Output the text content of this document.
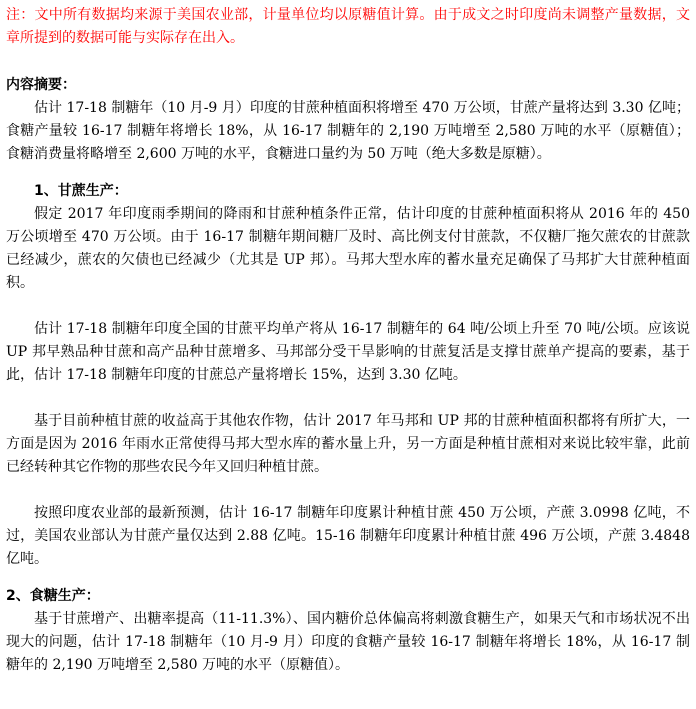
注：文中所有数据均来源于美国农业部，计量单位均以原糖值计算。由于成文之时印度尚未调整产量数据，文章所提到的数据可能与实际存在出入。

内容摘要：

估计 17-18 制糖年（10 月-9 月）印度的甘蔗种植面积将增至 470 万公顷，甘蔗产量将达到 3.30 亿吨；食糖产量较 16-17 制糖年将增长 18%，从 16-17 制糖年的 2,190 万吨增至 2,580 万吨的水平（原糖值）；食糖消费量将略增至 2,600 万吨的水平，食糖进口量约为 50 万吨（绝大多数是原糖）。

1、甘蔗生产：

假定 2017 年印度雨季期间的降雨和甘蔗种植条件正常，估计印度的甘蔗种植面积将从 2016 年的 450 万公顷增至 470 万公顷。由于 16-17 制糖年期间糖厂及时、高比例支付甘蔗款，不仅糖厂拖欠蔗农的甘蔗款已经减少，蔗农的欠债也已经减少（尤其是 UP 邦）。马邦大型水库的蓄水量充足确保了马邦扩大甘蔗种植面积。

估计 17-18 制糖年印度全国的甘蔗平均单产将从 16-17 制糖年的 64 吨/公顷上升至 70 吨/公顷。应该说 UP 邦早熟品种甘蔗和高产品种甘蔗增多、马邦部分受干旱影响的甘蔗复活是支撑甘蔗单产提高的要素，基于此，估计 17-18 制糖年印度的甘蔗总产量将增长 15%，达到 3.30 亿吨。

基于目前种植甘蔗的收益高于其他农作物，估计 2017 年马邦和 UP 邦的甘蔗种植面积都将有所扩大，一方面是因为 2016 年雨水正常使得马邦大型水库的蓄水量上升，另一方面是种植甘蔗相对来说比较牢靠，此前已经转种其它作物的那些农民今年又回归种植甘蔗。

按照印度农业部的最新预测，估计 16-17 制糖年印度累计种植甘蔗 450 万公顷，产蔗 3.0998 亿吨，不过，美国农业部认为甘蔗产量仅达到 2.88 亿吨。15-16 制糖年印度累计种植甘蔗 496 万公顷，产蔗 3.4848 亿吨。

2、食糖生产：

基于甘蔗增产、出糖率提高（11-11.3%）、国内糖价总体偏高将刺激食糖生产，如果天气和市场状况不出现大的问题，估计 17-18 制糖年（10 月-9 月）印度的食糖产量较 16-17 制糖年将增长 18%，从 16-17 制糖年的 2,190 万吨增至 2,580 万吨的水平（原糖值）。
